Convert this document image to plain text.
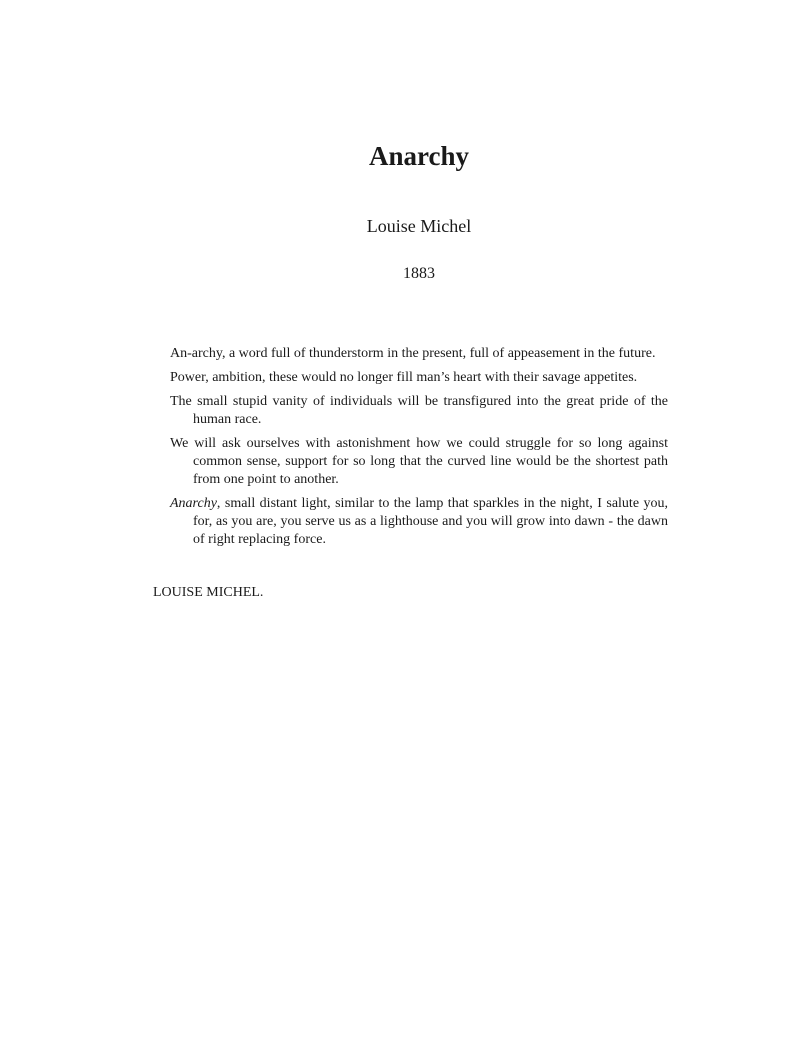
Anarchy
Louise Michel
1883

An-archy, a word full of thunderstorm in the present, full of appeasement in the future.

Power, ambition, these would no longer fill man’s heart with their savage appetites.

The small stupid vanity of individuals will be transfigured into the great pride of the human race.

We will ask ourselves with astonishment how we could struggle for so long against common sense, support for so long that the curved line would be the shortest path from one point to another.

Anarchy, small distant light, similar to the lamp that sparkles in the night, I salute you, for, as you are, you serve us as a lighthouse and you will grow into dawn - the dawn of right replacing force.

LOUISE MICHEL.
